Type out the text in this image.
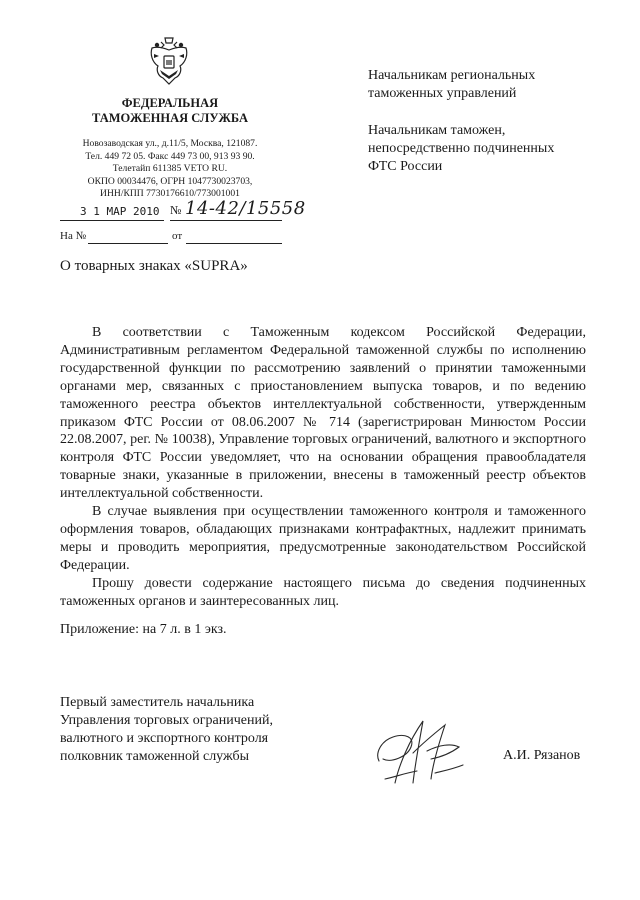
ФЕДЕРАЛЬНАЯ
ТАМОЖЕННАЯ СЛУЖБА
Новозаводская ул., д.11/5, Москва, 121087.
Тел. 449 72 05. Факс 449 73 00, 913 93 90.
Телетайп 611385 VETO RU.
ОКПО 00034476, ОГРН 1047730023703,
ИНН/КПП 7730176610/773001001
3 1 МАР 2010 № 14-42/15558
На №	от
О товарных знаках «SUPRA»
Начальникам региональных
таможенных управлений
Начальникам таможен,
непосредственно подчиненных
ФТС России

В соответствии с Таможенным кодексом Российской Федерации, Административным регламентом Федеральной таможенной службы по исполнению государственной функции по рассмотрению заявлений о принятии таможенными органами мер, связанных с приостановлением выпуска товаров, и по ведению таможенного реестра объектов интеллектуальной собственности, утвержденным приказом ФТС России от 08.06.2007 № 714 (зарегистрирован Минюстом России 22.08.2007, рег. № 10038), Управление торговых ограничений, валютного и экспортного контроля ФТС России уведомляет, что на основании обращения правообладателя товарные знаки, указанные в приложении, внесены в таможенный реестр объектов интеллектуальной собственности.

В случае выявления при осуществлении таможенного контроля и таможенного оформления товаров, обладающих признаками контрафактных, надлежит принимать меры и проводить мероприятия, предусмотренные законодательством Российской Федерации.

Прошу довести содержание настоящего письма до сведения подчиненных таможенных органов и заинтересованных лиц.

Приложение: на 7 л. в 1 экз.
Первый заместитель начальника
Управления торговых ограничений,
валютного и экспортного контроля
полковник таможенной службы	А.И. Рязанов
